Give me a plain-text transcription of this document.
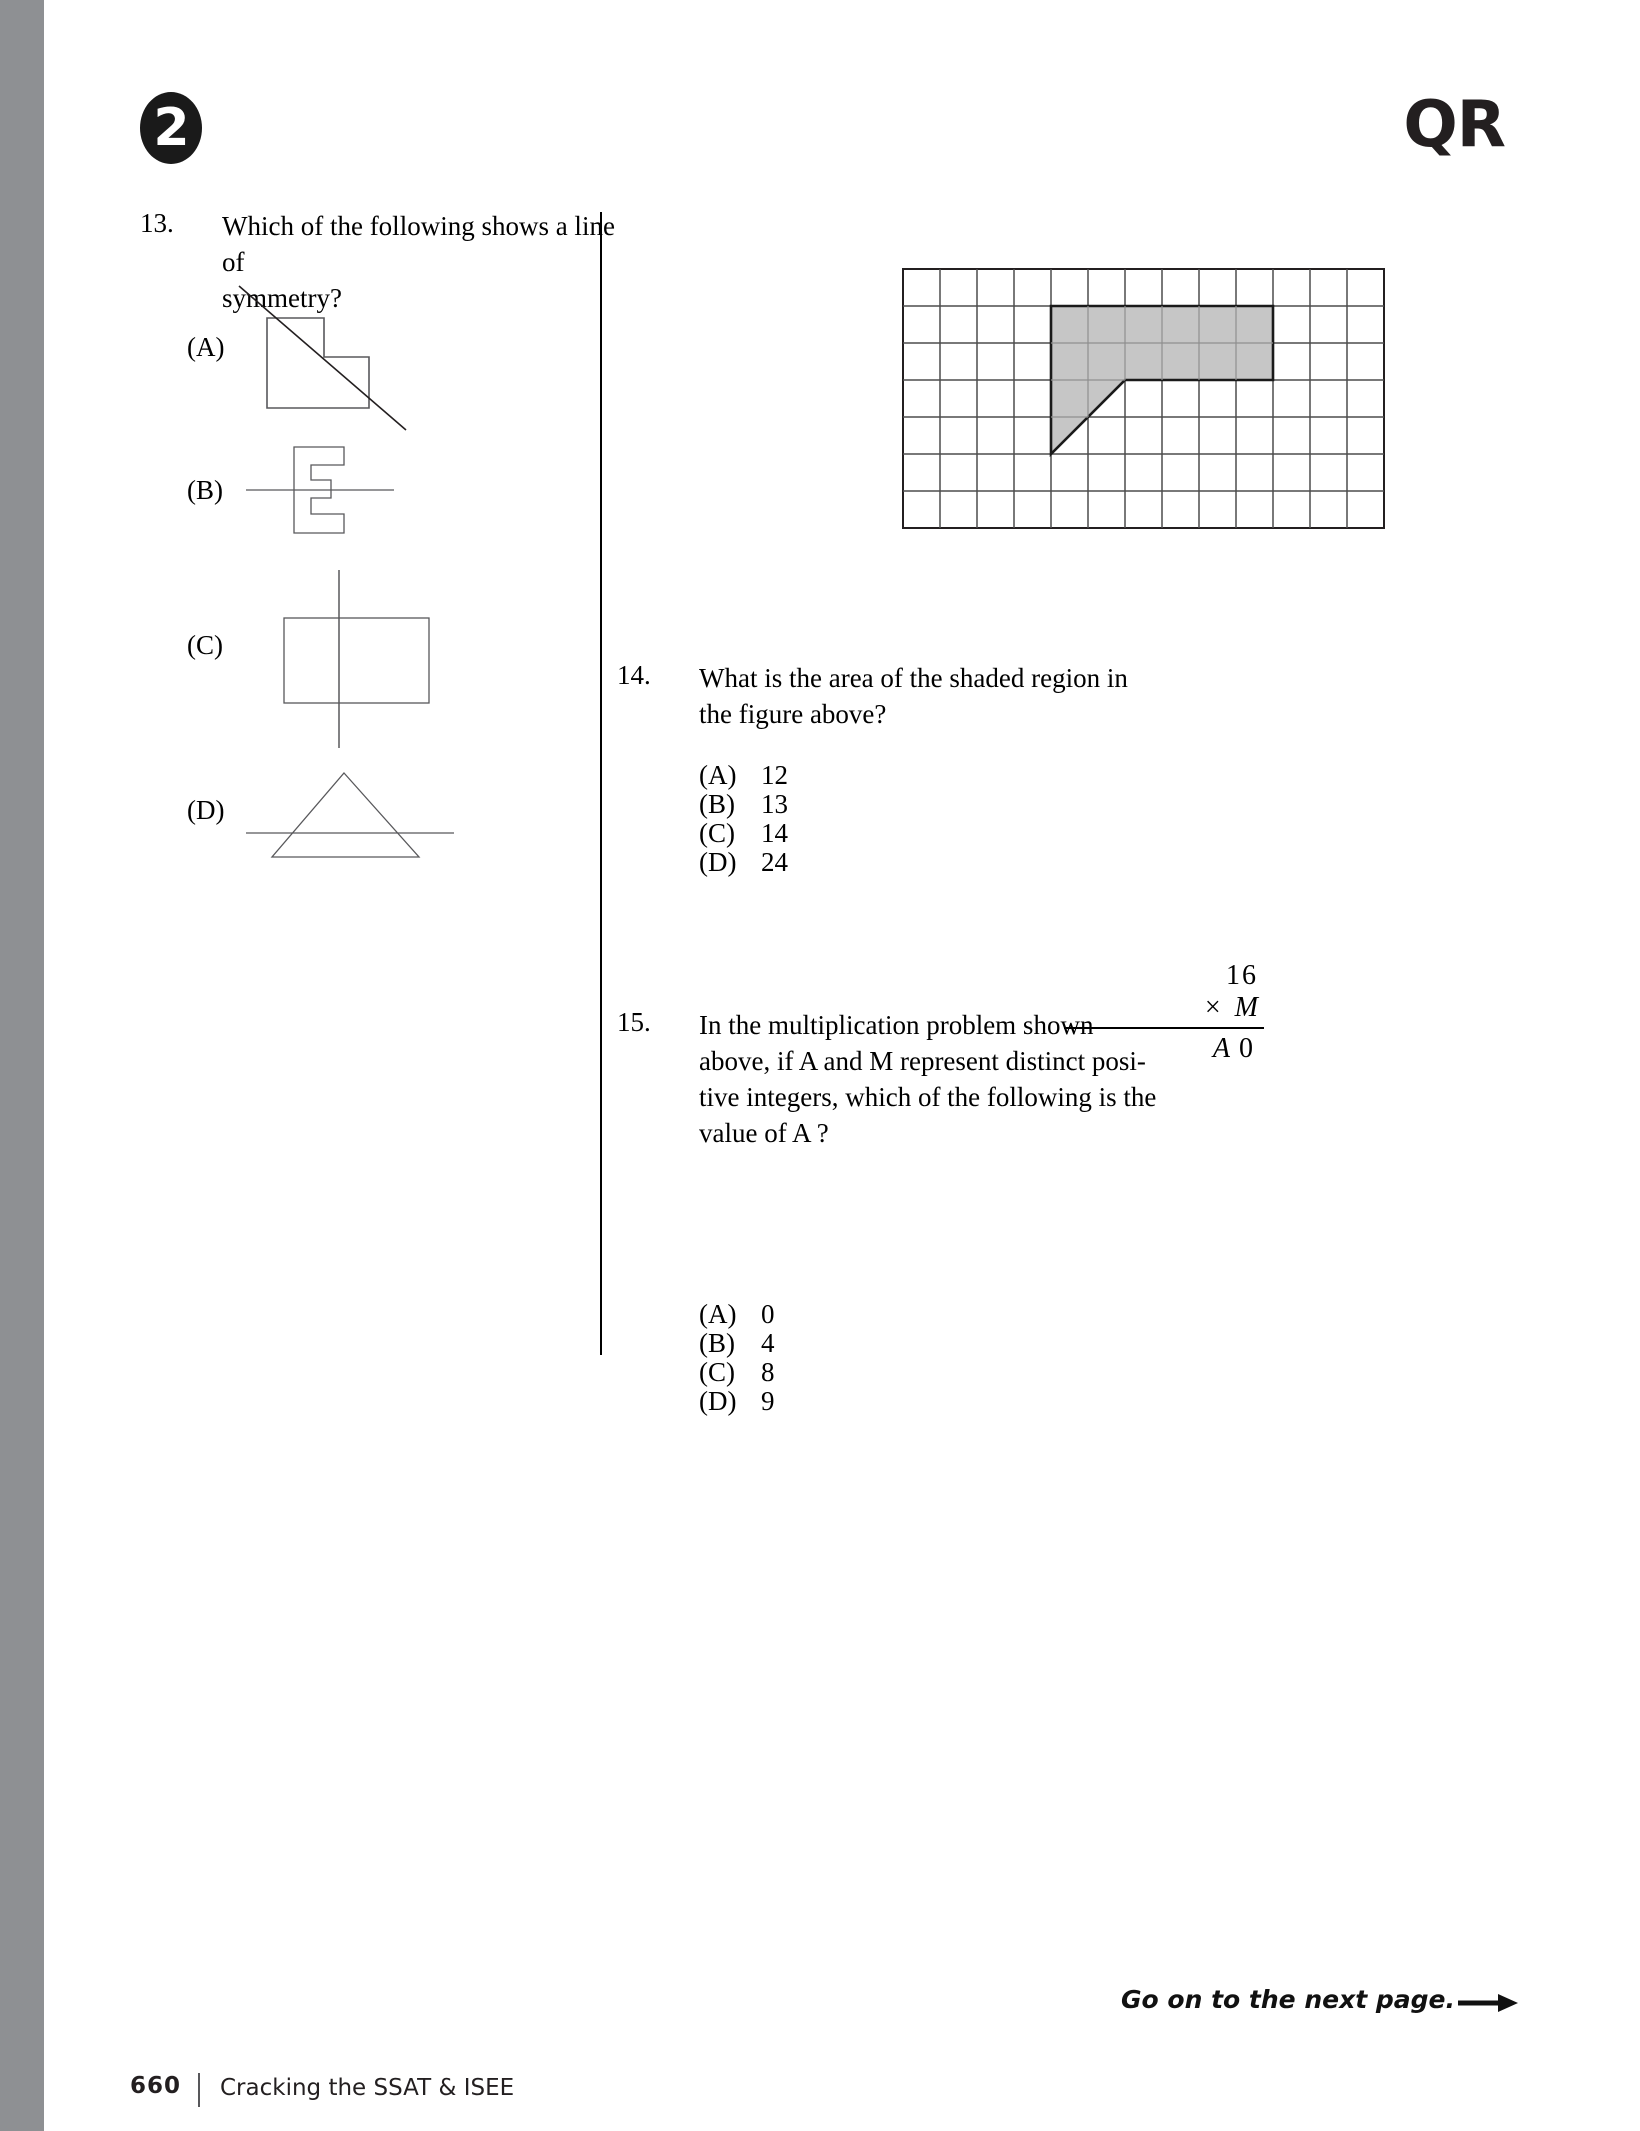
2	QR
13. Which of the following shows a line of
symmetry?
(A)
(B)
(C)
(D)
14. What is the area of the shaded region in
the figure above?
(A) 12
(B) 13
(C) 14
(D) 24
16
× M
A 0
15. In the multiplication problem shown
above, if A and M represent distinct posi-
tive integers, which of the following is the
value of A ?
(A) 0
(B) 4
(C) 8
(D) 9
Go on to the next page.
660 Cracking the SSAT & ISEE
